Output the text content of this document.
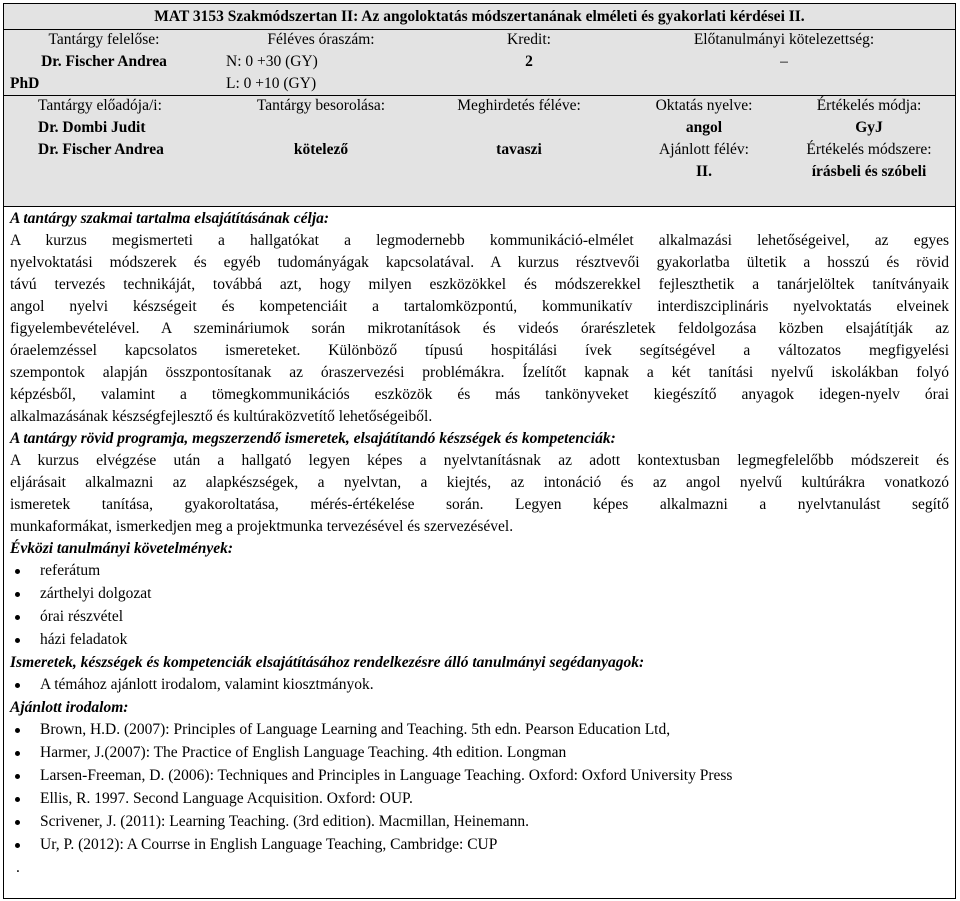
MAT 3153 Szakmódszertan II: Az angoloktatás módszertanának elméleti és gyakorlati kérdései II.
Tantárgy felelőse:
Dr. Fischer Andrea
PhD
Féléves óraszám:
N: 0 +30 (GY)
L: 0 +10 (GY)
Kredit:
2
Előtanulmányi kötelezettség:
–
Tantárgy előadója/i:
Dr. Dombi Judit
Dr. Fischer Andrea
Tantárgy besorolása:
kötelező
Meghirdetés féléve:
tavaszi
Oktatás nyelve:
angol
Ajánlott félév:
II.
Értékelés módja:
GyJ
Értékelés módszere:
írásbeli és szóbeli
A tantárgy szakmai tartalma elsajátításának célja:
A kurzus megismerteti a hallgatókat a legmodernebb kommunikáció-elmélet alkalmazási lehetőségeivel, az egyes
nyelvoktatási módszerek és egyéb tudományágak kapcsolatával. A kurzus résztvevői gyakorlatba ültetik a hosszú és rövid
távú tervezés technikáját, továbbá azt, hogy milyen eszközökkel és módszerekkel fejleszthetik a tanárjelöltek tanítványaik
angol nyelvi készségeit és kompetenciáit a tartalomközpontú, kommunikatív interdiszciplináris nyelvoktatás elveinek
figyelembevételével. A szemináriumok során mikrotanítások és videós órarészletek feldolgozása közben elsajátítják az
óraelemzéssel kapcsolatos ismereteket. Különböző típusú hospitálási ívek segítségével a változatos megfigyelési
szempontok alapján összpontosítanak az óraszervezési problémákra. Ízelítőt kapnak a két tanítási nyelvű iskolákban folyó
képzésből, valamint a tömegkommunikációs eszközök és más tankönyveket kiegészítő anyagok idegen-nyelv órai
alkalmazásának készségfejlesztő és kultúraközvetítő lehetőségeiből.
A tantárgy rövid programja, megszerzendő ismeretek, elsajátítandó készségek és kompetenciák:
A kurzus elvégzése után a hallgató legyen képes a nyelvtanításnak az adott kontextusban legmegfelelőbb módszereit és
eljárásait alkalmazni az alapkészségek, a nyelvtan, a kiejtés, az intonáció és az angol nyelvű kultúrákra vonatkozó
ismeretek tanítása, gyakoroltatása, mérés-értékelése során. Legyen képes alkalmazni a nyelvtanulást segítő
munkaformákat, ismerkedjen meg a projektmunka tervezésével és szervezésével.
Évközi tanulmányi követelmények:
referátum
zárthelyi dolgozat
órai részvétel
házi feladatok
Ismeretek, készségek és kompetenciák elsajátításához rendelkezésre álló tanulmányi segédanyagok:
A témához ajánlott irodalom, valamint kiosztmányok.
Ajánlott irodalom:
Brown, H.D. (2007): Principles of Language Learning and Teaching. 5th edn. Pearson Education Ltd,
Harmer, J.(2007): The Practice of English Language Teaching. 4th edition. Longman
Larsen-Freeman, D. (2006): Techniques and Principles in Language Teaching. Oxford: Oxford University Press
Ellis, R. 1997. Second Language Acquisition. Oxford: OUP.
Scrivener, J. (2011): Learning Teaching. (3rd edition). Macmillan, Heinemann.
Ur, P. (2012): A Courrse in English Language Teaching, Cambridge: CUP
.
